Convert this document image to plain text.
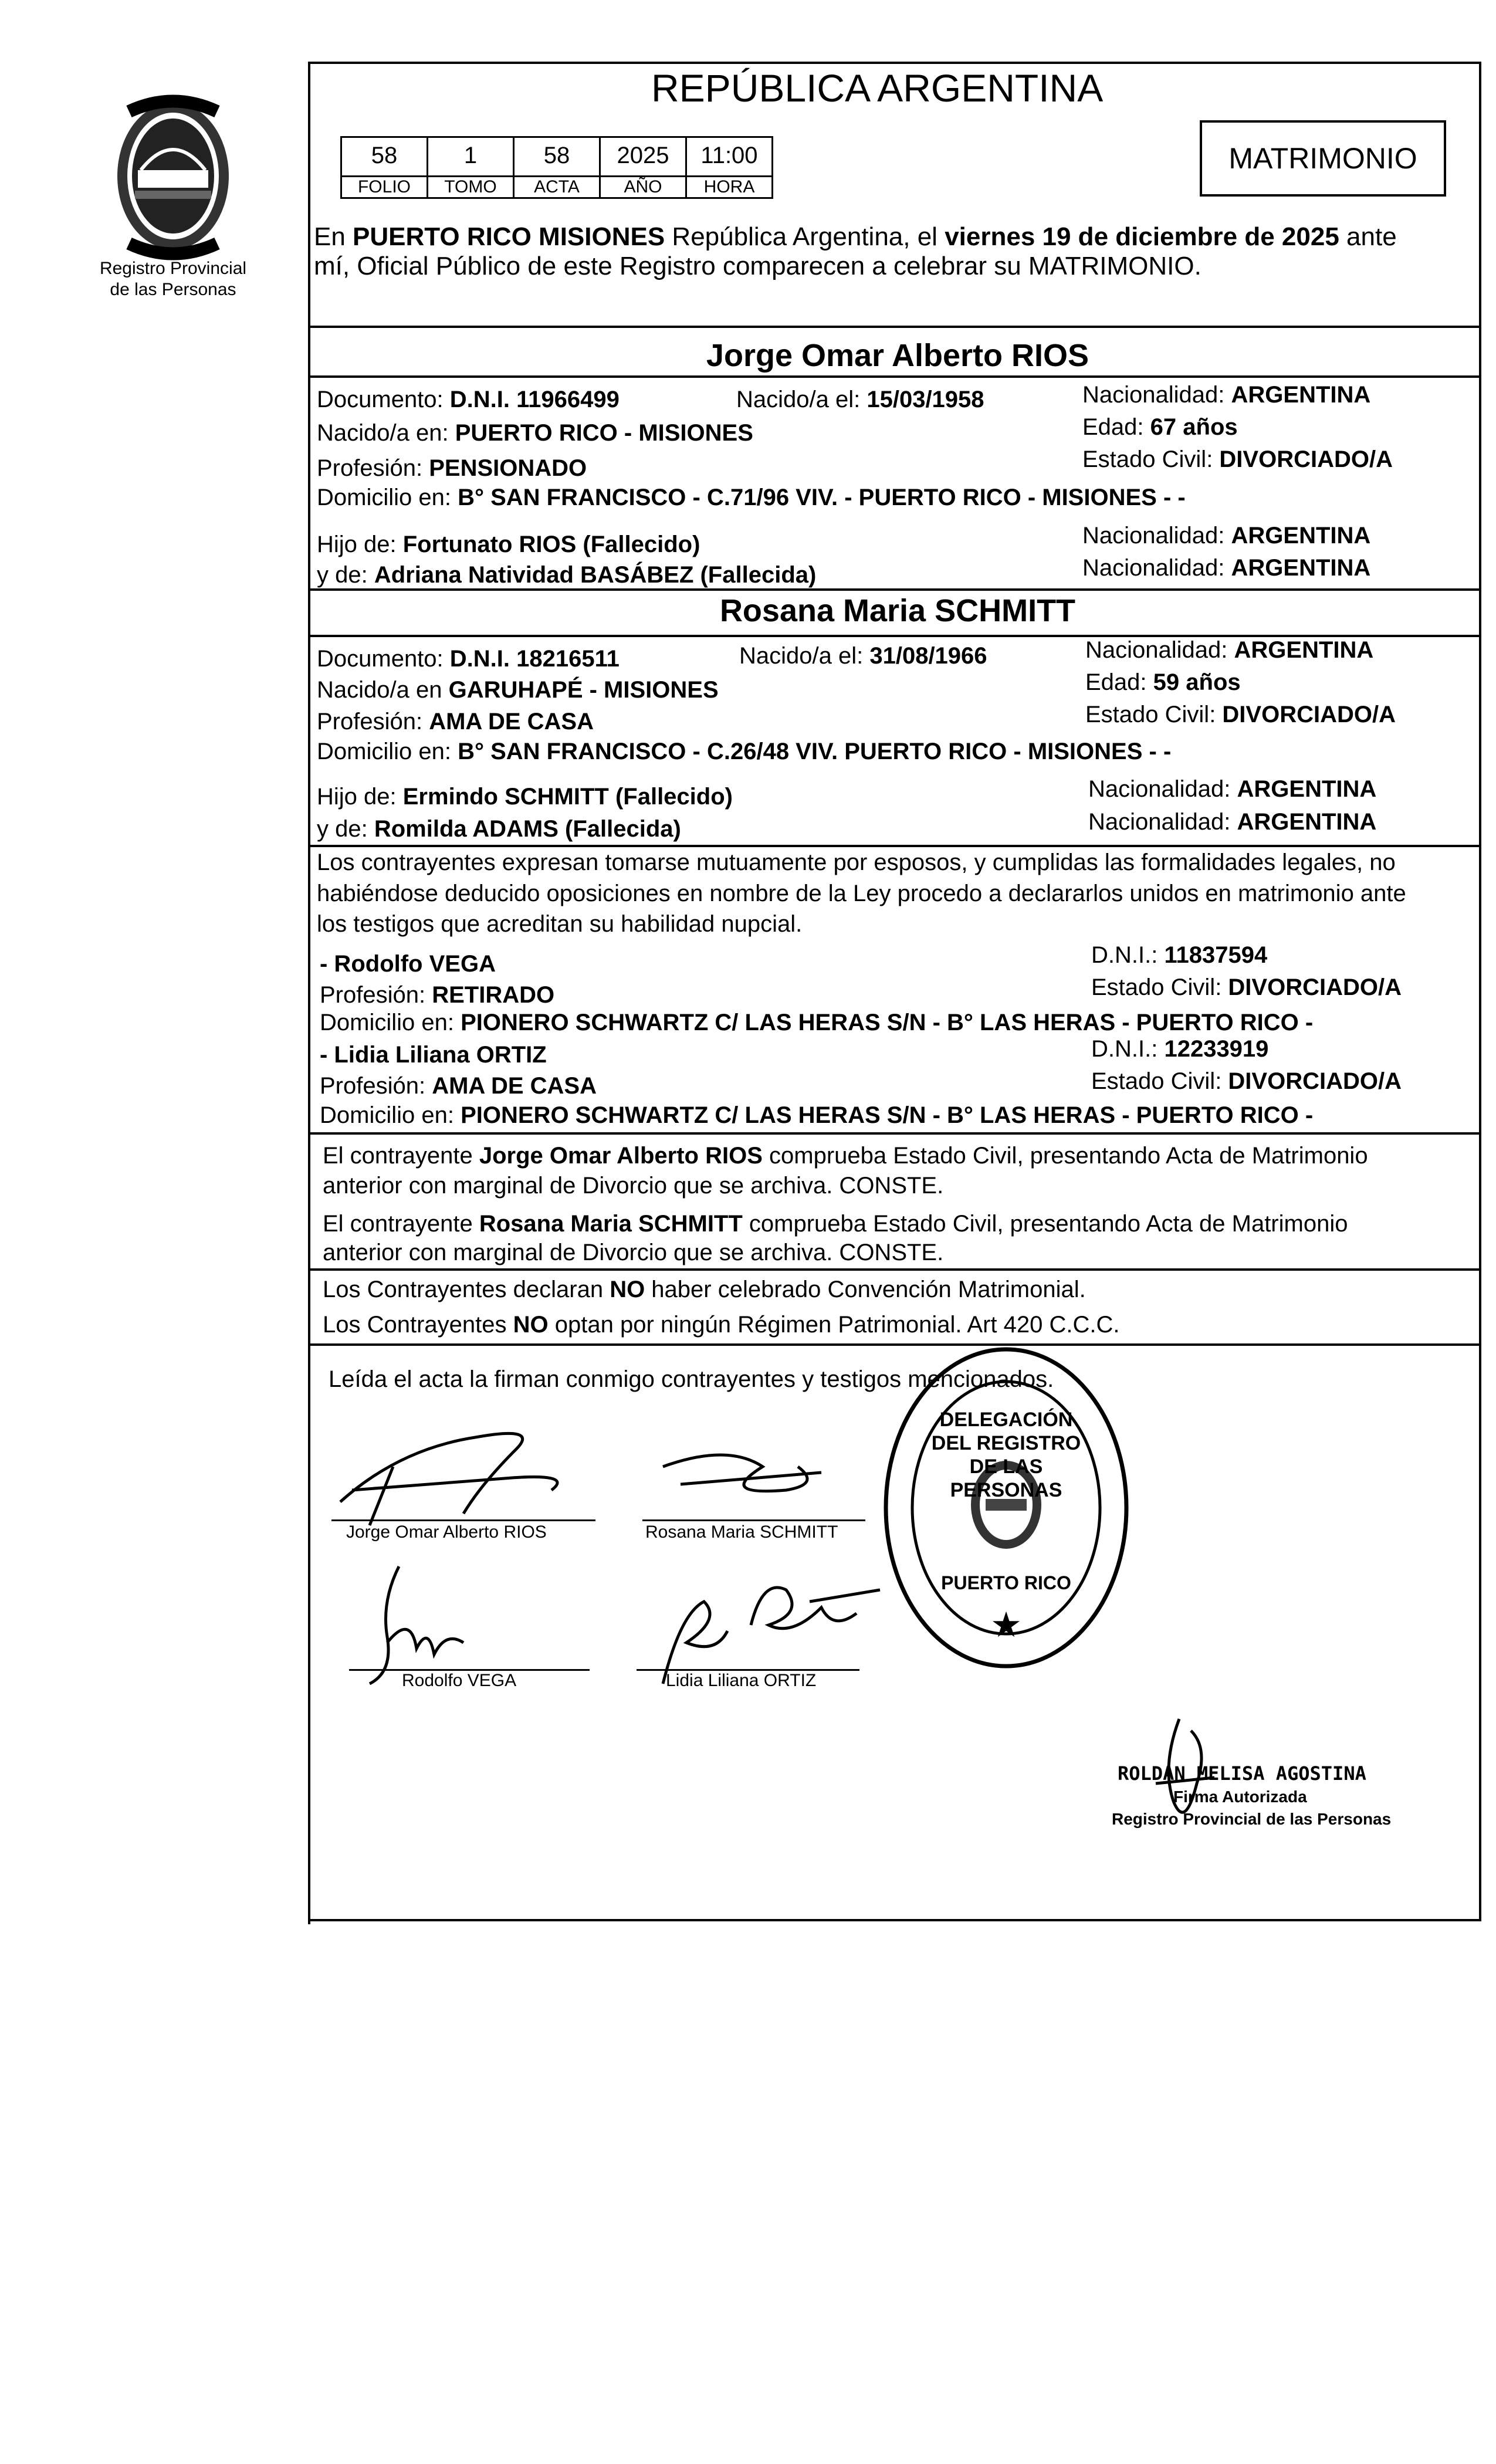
Registro Provincial
de las Personas
REPÚBLICA ARGENTINA
MATRIMONIO
58	1	58	2025	11:00
FOLIO	TOMO	ACTA	AÑO	HORA
En PUERTO RICO MISIONES República Argentina, el viernes 19 de diciembre de 2025 ante
mí, Oficial Público de este Registro comparecen a celebrar su MATRIMONIO.
Jorge Omar Alberto RIOS
Documento: D.N.I. 11966499	Nacido/a el: 15/03/1958	Nacionalidad: ARGENTINA
Nacido/a en: PUERTO RICO - MISIONES	Edad: 67 años
Profesión: PENSIONADO	Estado Civil: DIVORCIADO/A
Domicilio en: B° SAN FRANCISCO - C.71/96 VIV. - PUERTO RICO - MISIONES - -
Hijo de: Fortunato RIOS (Fallecido)	Nacionalidad: ARGENTINA
y de: Adriana Natividad BASÁBEZ (Fallecida)	Nacionalidad: ARGENTINA
Rosana Maria SCHMITT
Documento: D.N.I. 18216511	Nacido/a el: 31/08/1966	Nacionalidad: ARGENTINA
Nacido/a en GARUHAPÉ - MISIONES	Edad: 59 años
Profesión: AMA DE CASA	Estado Civil: DIVORCIADO/A
Domicilio en: B° SAN FRANCISCO - C.26/48 VIV. PUERTO RICO - MISIONES - -
Hijo de: Ermindo SCHMITT (Fallecido)	Nacionalidad: ARGENTINA
y de: Romilda ADAMS (Fallecida)	Nacionalidad: ARGENTINA
Los contrayentes expresan tomarse mutuamente por esposos, y cumplidas las formalidades legales, no
habiéndose deducido oposiciones en nombre de la Ley procedo a declararlos unidos en matrimonio ante
los testigos que acreditan su habilidad nupcial.
- Rodolfo VEGA	D.N.I.: 11837594
Profesión: RETIRADO	Estado Civil: DIVORCIADO/A
Domicilio en: PIONERO SCHWARTZ C/ LAS HERAS S/N - B° LAS HERAS - PUERTO RICO -
- Lidia Liliana ORTIZ	D.N.I.: 12233919
Profesión: AMA DE CASA	Estado Civil: DIVORCIADO/A
Domicilio en: PIONERO SCHWARTZ C/ LAS HERAS S/N - B° LAS HERAS - PUERTO RICO -
El contrayente Jorge Omar Alberto RIOS comprueba Estado Civil, presentando Acta de Matrimonio
anterior con marginal de Divorcio que se archiva. CONSTE.
El contrayente Rosana Maria SCHMITT comprueba Estado Civil, presentando Acta de Matrimonio
anterior con marginal de Divorcio que se archiva. CONSTE.
Los Contrayentes declaran NO haber celebrado Convención Matrimonial.
Los Contrayentes NO optan por ningún Régimen Patrimonial. Art 420 C.C.C.
Leída el acta la firman conmigo contrayentes y testigos mencionados.
Jorge Omar Alberto RIOS	Rosana Maria SCHMITT
Rodolfo VEGA	Lidia Liliana ORTIZ
★
DELEGACIÓN DEL REGISTRO DE LAS PERSONAS
PUERTO RICO
ROLDAN MELISA AGOSTINA
Firma Autorizada
Registro Provincial de las Personas
